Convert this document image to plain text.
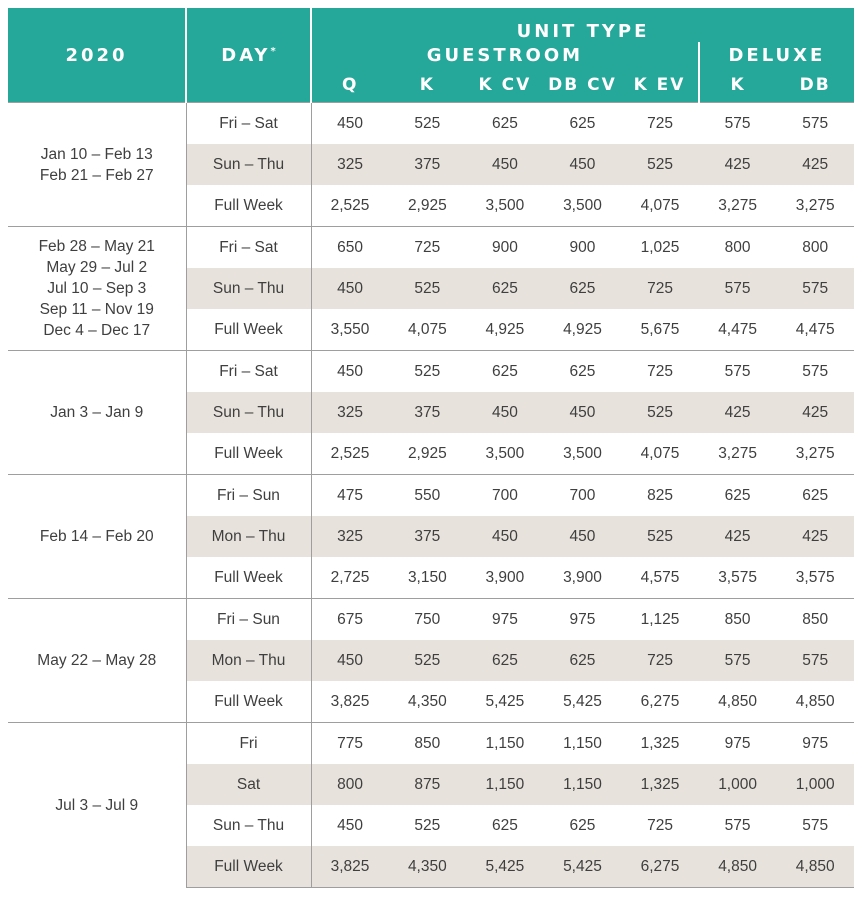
2020	DAY*	UNIT TYPE						
		GUESTROOM					DELUXE	
		Q	K	K CV	DB CV	K EV	K	DB

Jan 10 – Feb 13
Feb 21 – Feb 27	Fri – Sat	450	525	625	625	725	575	575
	Sun – Thu	325	375	450	450	525	425	425
	Full Week	2,525	2,925	3,500	3,500	4,075	3,275	3,275

Feb 28 – May 21
May 29 – Jul 2
Jul 10 – Sep 3
Sep 11 – Nov 19
Dec 4 – Dec 17	Fri – Sat	650	725	900	900	1,025	800	800
	Sun – Thu	450	525	625	625	725	575	575
	Full Week	3,550	4,075	4,925	4,925	5,675	4,475	4,475

Jan 3 – Jan 9	Fri – Sat	450	525	625	625	725	575	575
	Sun – Thu	325	375	450	450	525	425	425
	Full Week	2,525	2,925	3,500	3,500	4,075	3,275	3,275

Feb 14 – Feb 20	Fri – Sun	475	550	700	700	825	625	625
	Mon – Thu	325	375	450	450	525	425	425
	Full Week	2,725	3,150	3,900	3,900	4,575	3,575	3,575

May 22 – May 28	Fri – Sun	675	750	975	975	1,125	850	850
	Mon – Thu	450	525	625	625	725	575	575
	Full Week	3,825	4,350	5,425	5,425	6,275	4,850	4,850

Jul 3 – Jul 9	Fri	775	850	1,150	1,150	1,325	975	975
	Sat	800	875	1,150	1,150	1,325	1,000	1,000
	Sun – Thu	450	525	625	625	725	575	575
	Full Week	3,825	4,350	5,425	5,425	6,275	4,850	4,850
